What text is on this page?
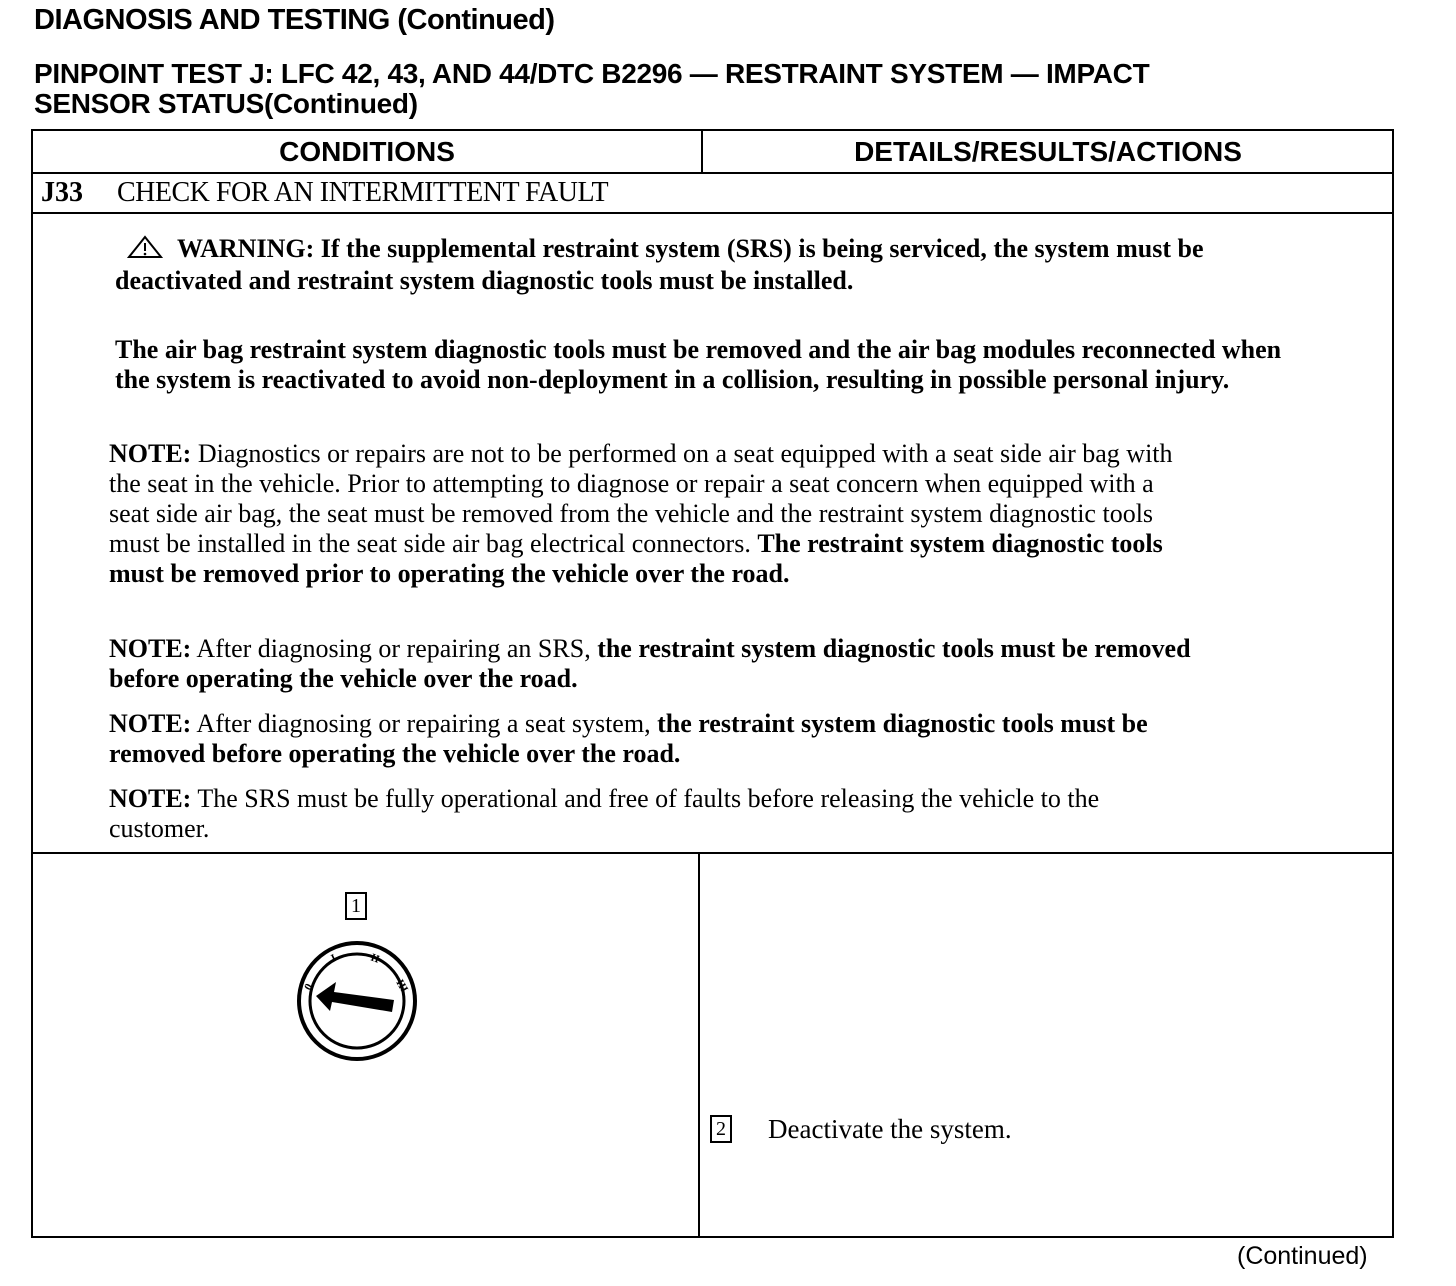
DIAGNOSIS AND TESTING (Continued)
PINPOINT TEST J: LFC 42, 43, AND 44/DTC B2296 — RESTRAINT SYSTEM — IMPACT
SENSOR STATUS(Continued)
CONDITIONS	DETAILS/RESULTS/ACTIONS
J33 CHECK FOR AN INTERMITTENT FAULT
WARNING: If the supplemental restraint system (SRS) is being serviced, the system must be deactivated and restraint system diagnostic tools must be installed.
The air bag restraint system diagnostic tools must be removed and the air bag modules reconnected when the system is reactivated to avoid non-deployment in a collision, resulting in possible personal injury.
NOTE: Diagnostics or repairs are not to be performed on a seat equipped with a seat side air bag with the seat in the vehicle. Prior to attempting to diagnose or repair a seat concern when equipped with a seat side air bag, the seat must be removed from the vehicle and the restraint system diagnostic tools must be installed in the seat side air bag electrical connectors. The restraint system diagnostic tools must be removed prior to operating the vehicle over the road.
NOTE: After diagnosing or repairing an SRS, the restraint system diagnostic tools must be removed before operating the vehicle over the road.
NOTE: After diagnosing or repairing a seat system, the restraint system diagnostic tools must be removed before operating the vehicle over the road.
NOTE: The SRS must be fully operational and free of faults before releasing the vehicle to the customer.
1
0
I	II
III
2 Deactivate the system.
(Continued)
